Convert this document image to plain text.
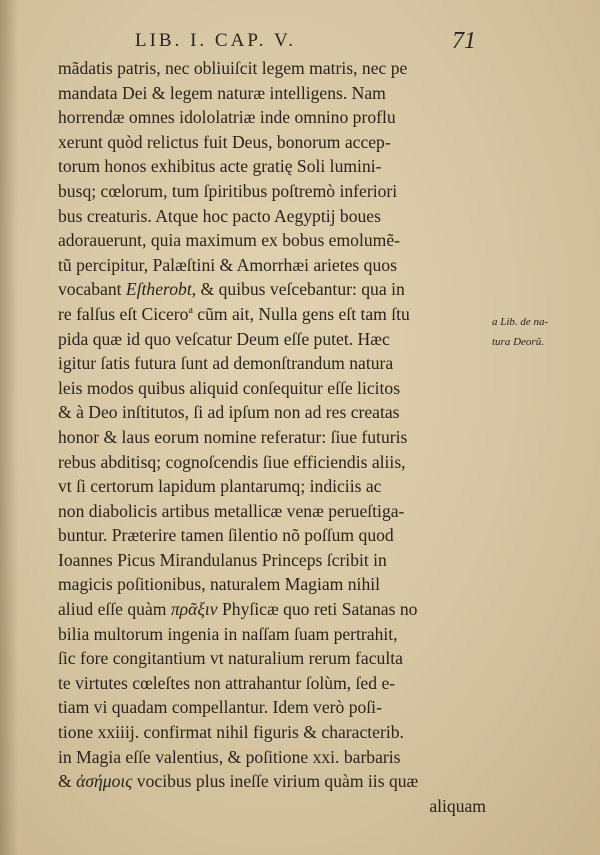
LIB. I. CAP. V.	71
mãdatis patris, nec obliuiſcit legem matris, nec pe
mandata Dei & legem naturæ intelligens. Nam
horrendæ omnes idololatriæ inde omnino proflu
xerunt quòd relictus fuit Deus, bonorum accep-
torum honos exhibitus acte gratię Soli lumini-
busq; cœlorum, tum ſpiritibus poſtremò inferiori
bus creaturis. Atque hoc pacto Aegyptij boues
adorauerunt, quia maximum ex bobus emolumẽ-
tũ percipitur, Palæſtini & Amorrhæi arietes quos
vocabant Eſtherobt, & quibus veſcebantur: qua in
re falſus eſt Cicero$^a$ cũm ait, Nulla gens eſt tam ſtu
pida quæ id quo veſcatur Deum eſſe putet. Hæc
igitur ſatis futura ſunt ad demonſtrandum natura
leis modos quibus aliquid conſequitur eſſe licitos
& à Deo inſtitutos, ſi ad ipſum non ad res creatas
honor & laus eorum nomine referatur: ſiue futuris
rebus abditisq; cognoſcendis ſiue efficiendis aliis,
vt ſi certorum lapidum plantarumq; indiciis ac
non diabolicis artibus metallicæ venæ perueſtiga-
buntur. Præterire tamen ſilentio nõ poſſum quod
Ioannes Picus Mirandulanus Princeps ſcribit in
magicis poſitionibus, naturalem Magiam nihil
aliud eſſe quàm πρᾶξιν Phyſicæ quo reti Satanas no
bilia multorum ingenia in naſſam ſuam pertrahit,
ſic fore congitantium vt naturalium rerum faculta
te virtutes cœleſtes non attrahantur ſolùm, ſed e-
tiam vi quadam compellantur. Idem verò poſi-
tione xxiiij. confirmat nihil figuris & characterib.
in Magia eſſe valentius, & poſitione xxi. barbaris
& ἀσήμοις vocibus plus ineſſe virium quàm iis quæ
aliquam
a Lib. de na-
tura Deorũ.
